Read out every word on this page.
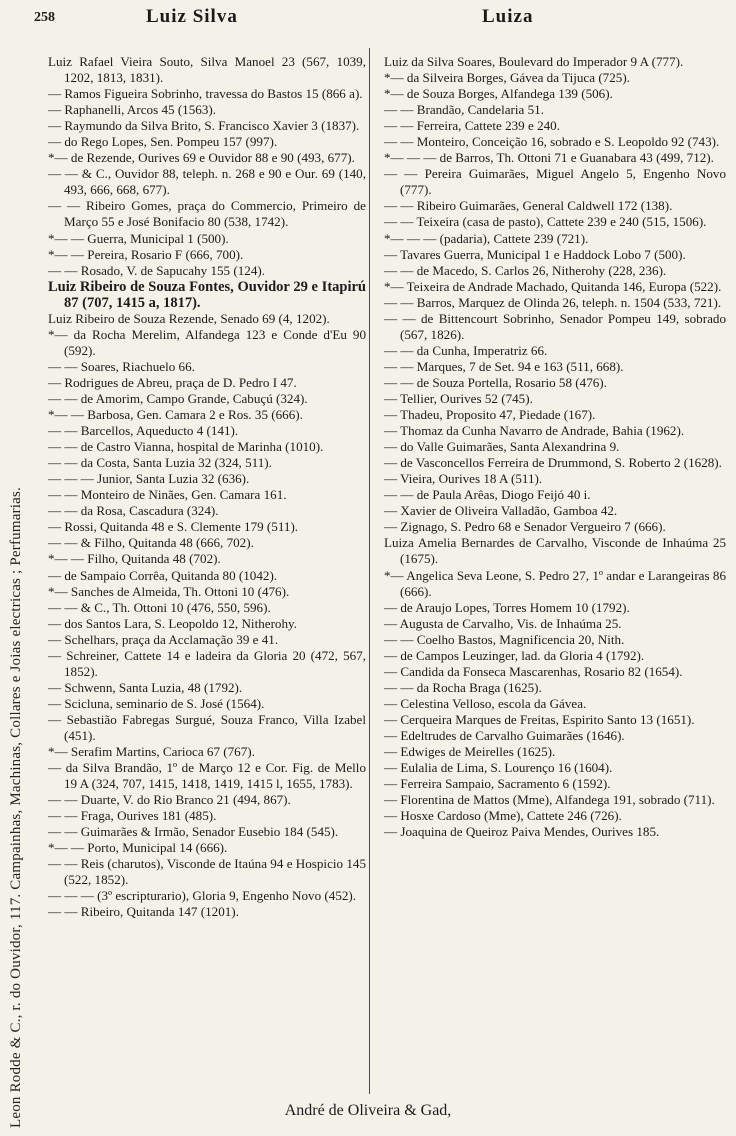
258	Luiz Silva	Luiza
Leon Rodde & C., r. do Ouvidor, 117. Campainhas, Machinas, Collares e Joias electricas ; Perfumarias.

Luiz Rafael Vieira Souto, Silva Manoel 23 (567, 1039, 1202, 1813, 1831).

— Ramos Figueira Sobrinho, travessa do Bastos 15 (866 a).

— Raphanelli, Arcos 45 (1563).

— Raymundo da Silva Brito, S. Francisco Xavier 3 (1837).

— do Rego Lopes, Sen. Pompeu 157 (997).

*— de Rezende, Ourives 69 e Ouvidor 88 e 90 (493, 677).

— — & C., Ouvidor 88, teleph. n. 268 e 90 e Our. 69 (140, 493, 666, 668, 677).

— — Ribeiro Gomes, praça do Commercio, Primeiro de Março 55 e José Bonifacio 80 (538, 1742).

*— — Guerra, Municipal 1 (500).

*— — Pereira, Rosario F (666, 700).

— — Rosado, V. de Sapucahy 155 (124).

Luiz Ribeiro de Souza Fontes, Ouvidor 29 e Itapirú 87 (707, 1415 a, 1817).

Luiz Ribeiro de Souza Rezende, Senado 69 (4, 1202).

*— da Rocha Merelim, Alfandega 123 e Conde d'Eu 90 (592).

— — Soares, Riachuelo 66.

— Rodrigues de Abreu, praça de D. Pedro I 47.

— — de Amorim, Campo Grande, Cabuçú (324).

*— — Barbosa, Gen. Camara 2 e Ros. 35 (666).

— — Barcellos, Aqueducto 4 (141).

— — de Castro Vianna, hospital de Marinha (1010).

— — da Costa, Santa Luzia 32 (324, 511).

— — — Junior, Santa Luzia 32 (636).

— — Monteiro de Ninães, Gen. Camara 161.

— — da Rosa, Cascadura (324).

— Rossi, Quitanda 48 e S. Clemente 179 (511).

— — & Filho, Quitanda 48 (666, 702).

*— — Filho, Quitanda 48 (702).

— de Sampaio Corrêa, Quitanda 80 (1042).

*— Sanches de Almeida, Th. Ottoni 10 (476).

— — & C., Th. Ottoni 10 (476, 550, 596).

— dos Santos Lara, S. Leopoldo 12, Nitherohy.

— Schelhars, praça da Acclamação 39 e 41.

— Schreiner, Cattete 14 e ladeira da Gloria 20 (472, 567, 1852).

— Schwenn, Santa Luzia, 48 (1792).

— Scicluna, seminario de S. José (1564).

— Sebastião Fabregas Surgué, Souza Franco, Villa Izabel (451).

*— Serafim Martins, Carioca 67 (767).

— da Silva Brandão, 1º de Março 12 e Cor. Fig. de Mello 19 A (324, 707, 1415, 1418, 1419, 1415 l, 1655, 1783).

— — Duarte, V. do Rio Branco 21 (494, 867).

— — Fraga, Ourives 181 (485).

— — Guimarães & Irmão, Senador Eusebio 184 (545).

*— — Porto, Municipal 14 (666).

— — Reis (charutos), Visconde de Itaúna 94 e Hospicio 145 (522, 1852).

— — — (3º escripturario), Gloria 9, Engenho Novo (452).

— — Ribeiro, Quitanda 147 (1201).

Luiz da Silva Soares, Boulevard do Imperador 9 A (777).

*— da Silveira Borges, Gávea da Tijuca (725).

*— de Souza Borges, Alfandega 139 (506).

— — Brandão, Candelaria 51.

— — Ferreira, Cattete 239 e 240.

— — Monteiro, Conceição 16, sobrado e S. Leopoldo 92 (743).

*— — — de Barros, Th. Ottoni 71 e Guanabara 43 (499, 712).

— — Pereira Guimarães, Miguel Angelo 5, Engenho Novo (777).

— — Ribeiro Guimarães, General Caldwell 172 (138).

— — Teixeira (casa de pasto), Cattete 239 e 240 (515, 1506).

*— — — (padaria), Cattete 239 (721).

— Tavares Guerra, Municipal 1 e Haddock Lobo 7 (500).

— — de Macedo, S. Carlos 26, Nitherohy (228, 236).

*— Teixeira de Andrade Machado, Quitanda 146, Europa (522).

— — Barros, Marquez de Olinda 26, teleph. n. 1504 (533, 721).

— — de Bittencourt Sobrinho, Senador Pompeu 149, sobrado (567, 1826).

— — da Cunha, Imperatriz 66.

— — Marques, 7 de Set. 94 e 163 (511, 668).

— — de Souza Portella, Rosario 58 (476).

— Tellier, Ourives 52 (745).

— Thadeu, Proposito 47, Piedade (167).

— Thomaz da Cunha Navarro de Andrade, Bahia (1962).

— do Valle Guimarães, Santa Alexandrina 9.

— de Vasconcellos Ferreira de Drummond, S. Roberto 2 (1628).

— Vieira, Ourives 18 A (511).

— — de Paula Arêas, Diogo Feijó 40 i.

— Xavier de Oliveira Valladão, Gamboa 42.

— Zignago, S. Pedro 68 e Senador Vergueiro 7 (666).

Luiza Amelia Bernardes de Carvalho, Visconde de Inhaúma 25 (1675).

*— Angelica Seva Leone, S. Pedro 27, 1º andar e Larangeiras 86 (666).

— de Araujo Lopes, Torres Homem 10 (1792).

— Augusta de Carvalho, Vis. de Inhaúma 25.

— — Coelho Bastos, Magnificencia 20, Nith.

— de Campos Leuzinger, lad. da Gloria 4 (1792).

— Candida da Fonseca Mascarenhas, Rosario 82 (1654).

— — da Rocha Braga (1625).

— Celestina Velloso, escola da Gávea.

— Cerqueira Marques de Freitas, Espirito Santo 13 (1651).

— Edeltrudes de Carvalho Guimarães (1646).

— Edwiges de Meirelles (1625).

— Eulalia de Lima, S. Lourenço 16 (1604).

— Ferreira Sampaio, Sacramento 6 (1592).

— Florentina de Mattos (Mme), Alfandega 191, sobrado (711).

— Hosxe Cardoso (Mme), Cattete 246 (726).

— Joaquina de Queiroz Paiva Mendes, Ourives 185.

André de Oliveira & Gad,
